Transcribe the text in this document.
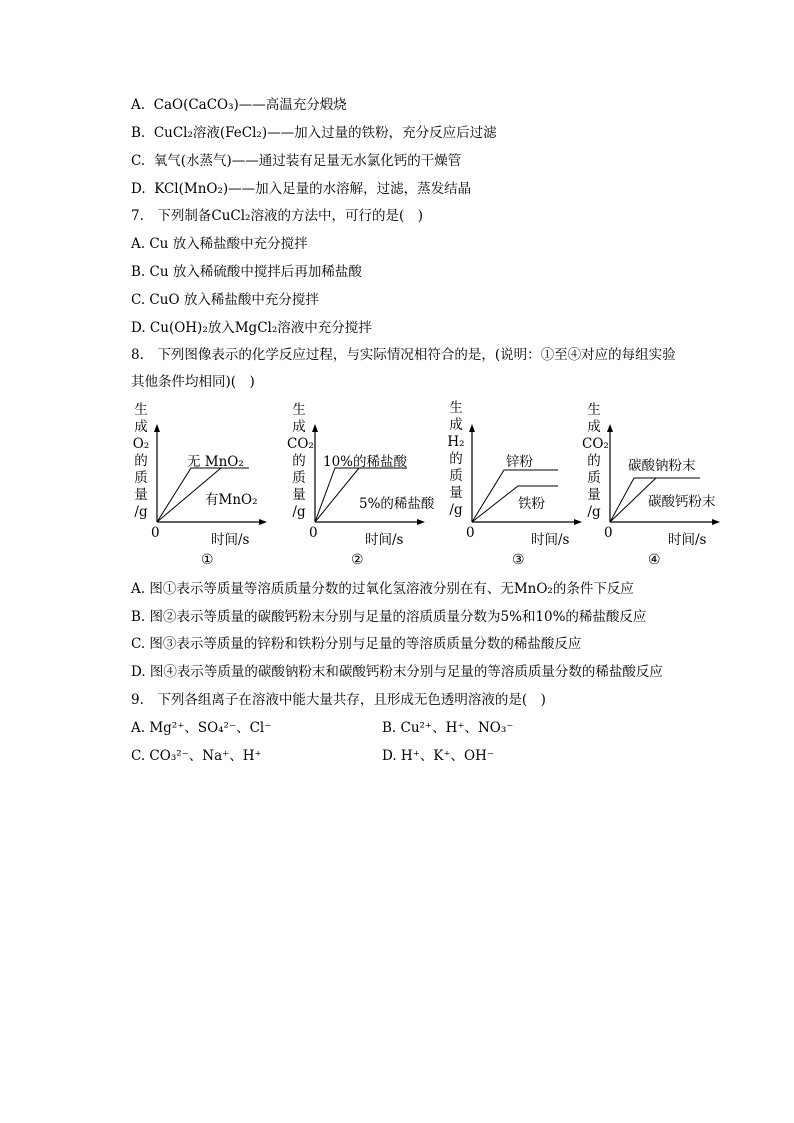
A. CaO(CaCO₃)——高温充分煅烧
B. CuCl₂溶液(FeCl₂)——加入过量的铁粉，充分反应后过滤
C. 氧气(水蒸气)——通过装有足量无水氯化钙的干燥管
D. KCl(MnO₂)——加入足量的水溶解，过滤，蒸发结晶
7.　下列制备CuCl₂溶液的方法中，可行的是(　)
A. Cu 放入稀盐酸中充分搅拌
B. Cu 放入稀硫酸中搅拌后再加稀盐酸
C. CuO 放入稀盐酸中充分搅拌
D. Cu(OH)₂放入MgCl₂溶液中充分搅拌
8.　下列图像表示的化学反应过程，与实际情况相符合的是，(说明：①至④对应的每组实验
其他条件均相同)(　)
生
成
O₂
的
质
量
/g
无 MnO₂
有MnO₂
0	时间/s
①
生
成
CO₂
的
质
量
/g
10%的稀盐酸
5%的稀盐酸
0	时间/s
②
生
成
H₂
的
质
量
/g
锌粉
铁粉
0	时间/s
③
生
成
CO₂
的
质
量
/g
碳酸钠粉末
碳酸钙粉末
0	时间/s
④
A. 图①表示等质量等溶质质量分数的过氧化氢溶液分别在有、无MnO₂的条件下反应
B. 图②表示等质量的碳酸钙粉末分别与足量的溶质质量分数为5%和10%的稀盐酸反应
C. 图③表示等质量的锌粉和铁粉分别与足量的等溶质质量分数的稀盐酸反应
D. 图④表示等质量的碳酸钠粉末和碳酸钙粉末分别与足量的等溶质质量分数的稀盐酸反应
9.　下列各组离子在溶液中能大量共存，且形成无色透明溶液的是(　)
A. Mg²⁺、SO₄²⁻、Cl⁻	B. Cu²⁺、H⁺、NO₃⁻
C. CO₃²⁻、Na⁺、H⁺	D. H⁺、K⁺、OH⁻
